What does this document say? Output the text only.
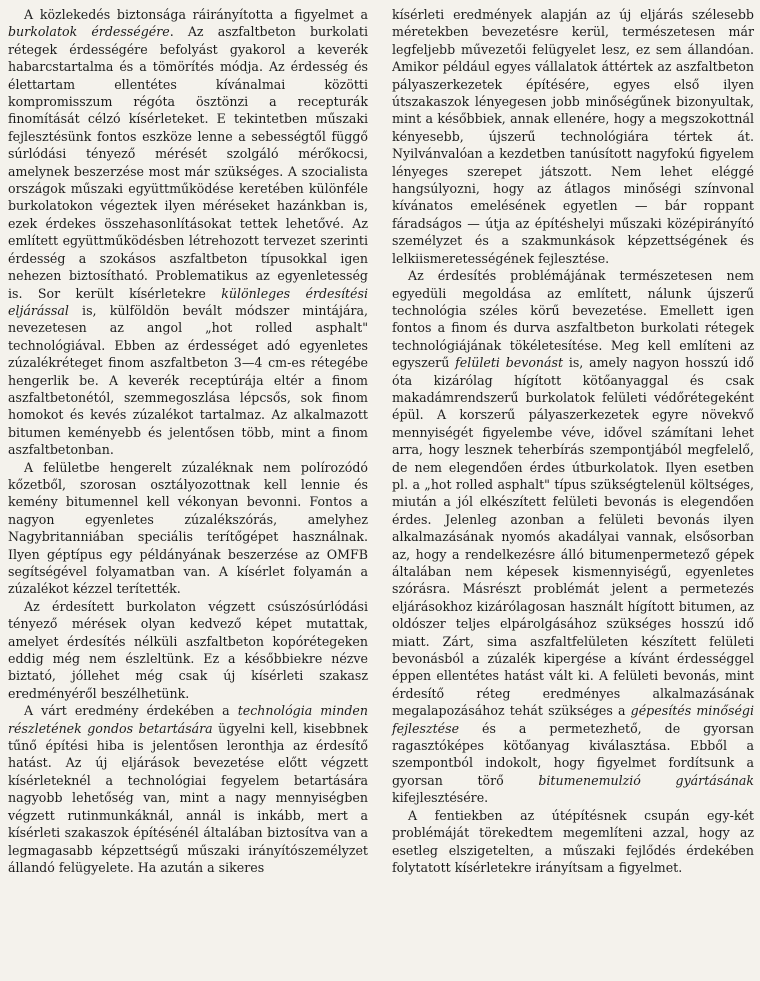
A közlekedés biztonsága ráirányította a figyelmet a burkolatok érdességére. Az aszfaltbeton burkolati rétegek érdességére befolyást gyakorol a keverék habarcstartalma és a tömörítés módja. Az érdesség és élettartam ellentétes kívánalmai közötti kompromisszum régóta ösztönzi a recepturák finomítását célzó kísérleteket. E tekintetben műszaki fejlesztésünk fontos eszköze lenne a sebességtől függő súrlódási tényező mérését szolgáló mérőkocsi, amelynek beszerzése most már szükséges. A szocialista országok műszaki együttműködése keretében különféle burkolatokon végeztek ilyen méréseket hazánkban is, ezek érdekes összehasonlításokat tettek lehetővé. Az említett együttműködésben létrehozott tervezet szerinti érdesség a szokásos aszfaltbeton típusokkal igen nehezen biztosítható. Problematikus az egyenletesség is. Sor került kísérletekre különleges érdesítési eljárással is, külföldön bevált módszer mintájára, nevezetesen az angol „hot rolled asphalt" technológiával. Ebben az érdességet adó egyenletes zúzalékréteget finom aszfaltbeton 3—4 cm-es rétegébe hengerlik be. A keverék receptúrája eltér a finom aszfaltbetonétól, szemmegoszlása lépcsős, sok finom homokot és kevés zúzalékot tartalmaz. Az alkalmazott bitumen keményebb és jelentősen több, mint a finom aszfaltbetonban.

A felületbe hengerelt zúzaléknak nem polírozódó kőzetből, szorosan osztályozottnak kell lennie és kemény bitumennel kell vékonyan bevonni. Fontos a nagyon egyenletes zúzalékszórás, amelyhez Nagybritanniában speciális terítőgépet használnak. Ilyen géptípus egy példányának beszerzése az OMFB segítségével folyamatban van. A kísérlet folyamán a zúzalékot kézzel terítették.

Az érdesített burkolaton végzett csúszósúrlódási tényező mérések olyan kedvező képet mutattak, amelyet érdesítés nélküli aszfaltbeton kopórétegeken eddig még nem észleltünk. Ez a későbbiekre nézve biztató, jóllehet még csak új kísérleti szakasz eredményéről beszélhetünk.

A várt eredmény érdekében a technológia minden részletének gondos betartására ügyelni kell, kisebbnek tűnő építési hiba is jelentősen leronthja az érdesítő hatást. Az új eljárások bevezetése előtt végzett kísérleteknél a technológiai fegyelem betartására nagyobb lehetőség van, mint a nagy mennyiségben végzett rutinmunkáknál, annál is inkább, mert a kísérleti szakaszok építésénél általában biztosítva van a legmagasabb képzettségű műszaki irányítószemélyzet állandó felügyelete. Ha azután a sikeres

kísérleti eredmények alapján az új eljárás szélesebb méretekben bevezetésre kerül, természetesen már legfeljebb művezetői felügyelet lesz, ez sem állandóan. Amikor például egyes vállalatok áttértek az aszfaltbeton pályaszerkezetek építésére, egyes első ilyen útszakaszok lényegesen jobb minőségűnek bizonyultak, mint a későbbiek, annak ellenére, hogy a megszokottnál kényesebb, újszerű technológiára tértek át. Nyilvánvalóan a kezdetben tanúsított nagyfokú figyelem lényeges szerepet játszott. Nem lehet eléggé hangsúlyozni, hogy az átlagos minőségi színvonal kívánatos emelésének egyetlen — bár roppant fáradságos — útja az építéshelyi műszaki középirányító személyzet és a szakmunkások képzettségének és lelkiismeretességének fejlesztése.

Az érdesítés problémájának természetesen nem egyedüli megoldása az említett, nálunk újszerű technológia széles körű bevezetése. Emellett igen fontos a finom és durva aszfaltbeton burkolati rétegek technológiájának tökéletesítése. Meg kell említeni az egyszerű felületi bevonást is, amely nagyon hosszú idő óta kizárólag hígított kötőanyaggal és csak makadámrendszerű burkolatok felületi védőrétegeként épül. A korszerű pályaszerkezetek egyre növekvő mennyiségét figyelembe véve, idővel számítani lehet arra, hogy lesznek teherbírás szempontjából megfelelő, de nem elegendően érdes útburkolatok. Ilyen esetben pl. a „hot rolled asphalt" típus szükségtelenül költséges, miután a jól elkészített felületi bevonás is elegendően érdes. Jelenleg azonban a felületi bevonás ilyen alkalmazásának nyomós akadályai vannak, elsősorban az, hogy a rendelkezésre álló bitumenpermetező gépek általában nem képesek kismennyiségű, egyenletes szórásra. Másrészt problémát jelent a permetezés eljárásokhoz kizárólagosan használt hígított bitumen, az oldószer teljes elpárolgásához szükséges hosszú idő miatt. Zárt, sima aszfaltfelületen készített felületi bevonásból a zúzalék kipergése a kívánt érdességgel éppen ellentétes hatást vált ki. A felületi bevonás, mint érdesítő réteg eredményes alkalmazásának megalapozásához tehát szükséges a gépesítés minőségi fejlesztése és a permetezhető, de gyorsan ragasztóképes kötőanyag kiválasztása. Ebből a szempontból indokolt, hogy figyelmet fordítsunk a gyorsan törő bitumenemulzió gyártásának kifejlesztésére.

A fentiekben az útépítésnek csupán egy-két problémáját törekedtem megemlíteni azzal, hogy az esetleg elszigetelten, a műszaki fejlődés érdekében folytatott kísérletekre irányítsam a figyelmet.
